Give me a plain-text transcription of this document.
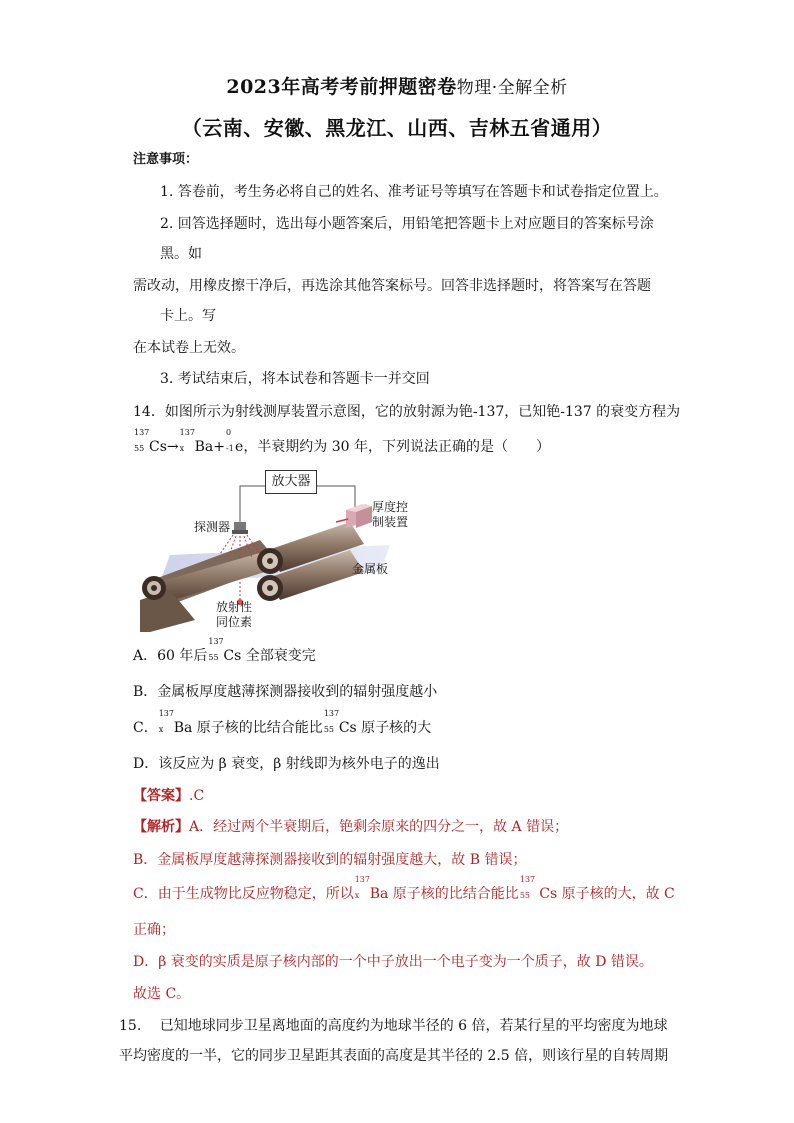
2023年高考考前押题密卷物理·全解全析
（云南、安徽、黑龙江、山西、吉林五省通用）
注意事项：
1. 答卷前，考生务必将自己的姓名、准考证号等填写在答题卡和试卷指定位置上。
2. 回答选择题时，选出每小题答案后，用铅笔把答题卡上对应题目的答案标号涂
黑。如
需改动，用橡皮擦干净后，再选涂其他答案标号。回答非选择题时，将答案写在答题
卡上。写
在本试卷上无效。
3. 考试结束后，将本试卷和答题卡一并交回
14．如图所示为射线测厚装置示意图，它的放射源为铯-137，已知铯-137 的衰变方程为
137
55 Cs→
137
x Ba+
0
-1 e，半衰期约为 30 年，下列说法正确的是（　　）
放大器
探测器
厚度控
制装置
金属板
放射性
同位素
A．60 年后
137
55 Cs 全部衰变完
B．金属板厚度越薄探测器接收到的辐射强度越小
C．
137
x Ba 原子核的比结合能比
137
55 Cs 原子核的大
D．该反应为 β 衰变，β 射线即为核外电子的逸出
【答案】.C
【解析】A．经过两个半衰期后，铯剩余原来的四分之一，故 A 错误；
B．金属板厚度越薄探测器接收到的辐射强度越大，故 B 错误；
C．由于生成物比反应物稳定，所以
137
x Ba 原子核的比结合能比
137
55 Cs 原子核的大，故 C
正确；
D．β 衰变的实质是原子核内部的一个中子放出一个电子变为一个质子，故 D 错误。
故选 C。
15.　 已知地球同步卫星离地面的高度约为地球半径的 6 倍，若某行星的平均密度为地球
平均密度的一半，它的同步卫星距其表面的高度是其半径的 2.5 倍，则该行星的自转周期
